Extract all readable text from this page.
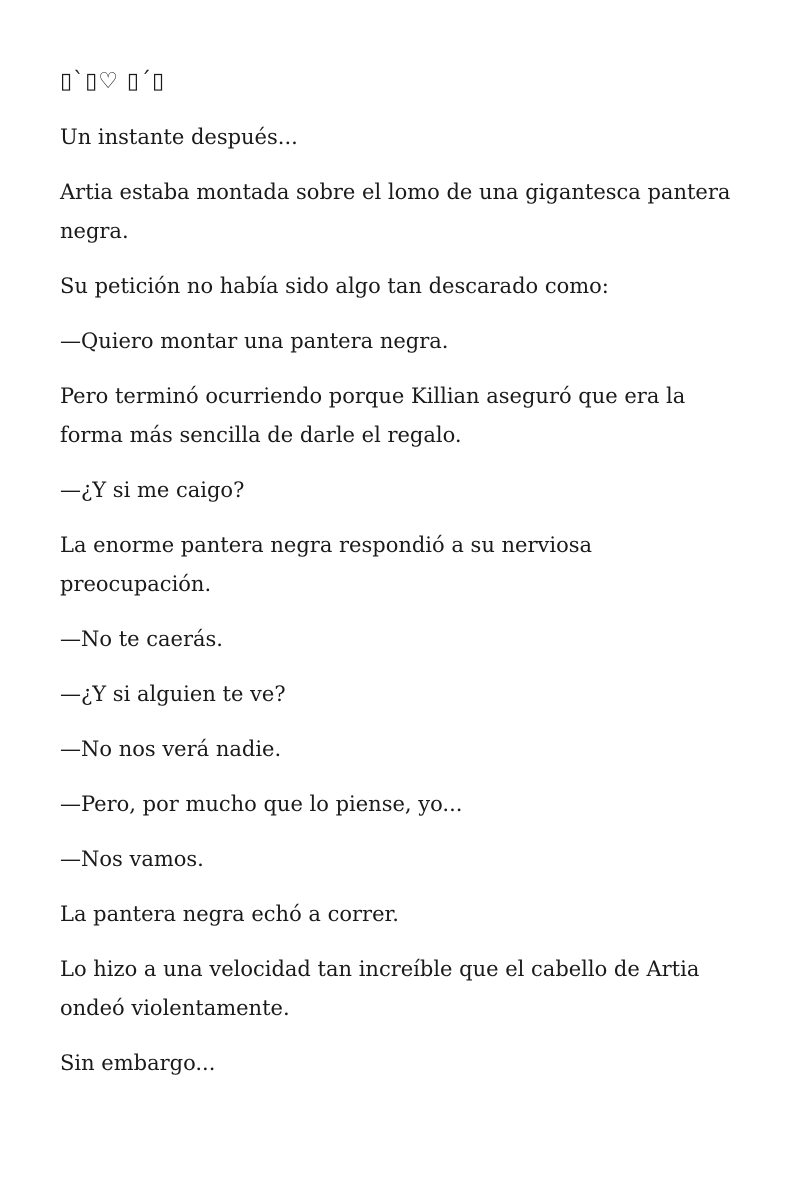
▯`▯♡ ▯´▯

Un instante después...

Artia estaba montada sobre el lomo de una gigantesca pantera negra.

Su petición no había sido algo tan descarado como:

—Quiero montar una pantera negra.

Pero terminó ocurriendo porque Killian aseguró que era la forma más sencilla de darle el regalo.

—¿Y si me caigo?

La enorme pantera negra respondió a su nerviosa preocupación.

—No te caerás.

—¿Y si alguien te ve?

—No nos verá nadie.

—Pero, por mucho que lo piense, yo...

—Nos vamos.

La pantera negra echó a correr.

Lo hizo a una velocidad tan increíble que el cabello de Artia ondeó violentamente.

Sin embargo...
